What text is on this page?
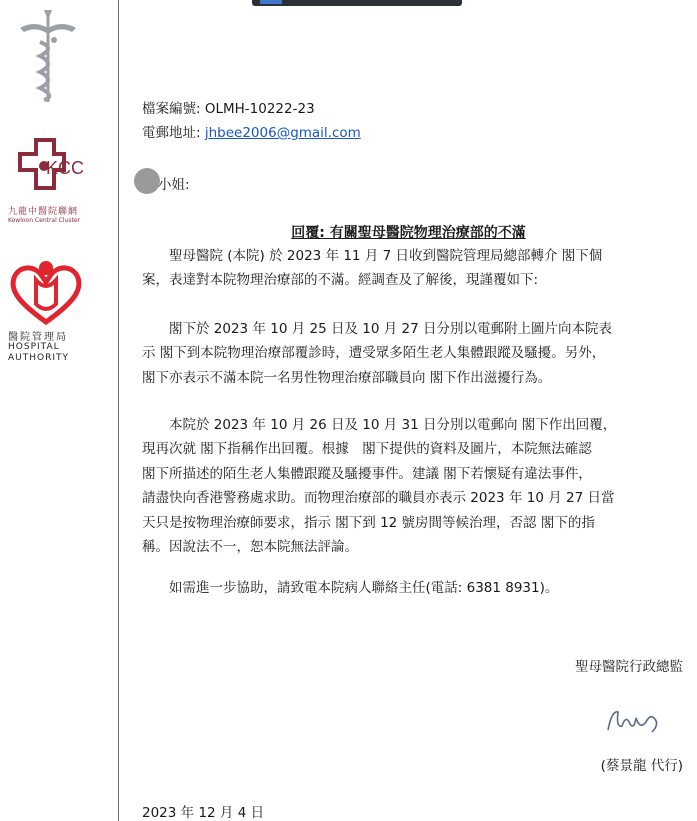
KCC
九龍中醫院聯網
Kowloon Central Cluster
醫院管理局
HOSPITAL
AUTHORITY
檔案編號: OLMH-10222-23
電郵地址: jhbee2006@gmail.com
小姐:
回覆: 有關聖母醫院物理治療部的不滿

　　聖母醫院 (本院) 於 2023 年 11 月 7 日收到醫院管理局總部轉介 閣下個

案，表達對本院物理治療部的不滿。經調查及了解後，現謹覆如下:

　　閣下於 2023 年 10 月 25 日及 10 月 27 日分別以電郵附上圖片向本院表

示 閣下到本院物理治療部覆診時，遭受眾多陌生老人集體跟蹤及騷擾。另外，

閣下亦表示不滿本院一名男性物理治療部職員向 閣下作出滋擾行為。

　　本院於 2023 年 10 月 26 日及 10 月 31 日分別以電郵向 閣下作出回覆，

現再次就 閣下指稱作出回覆。根據　閣下提供的資料及圖片，本院無法確認

閣下所描述的陌生老人集體跟蹤及騷擾事件。建議 閣下若懷疑有違法事件，

請盡快向香港警務處求助。而物理治療部的職員亦表示 2023 年 10 月 27 日當

天只是按物理治療師要求，指示 閣下到 12 號房間等候治理，否認 閣下的指

稱。因說法不一，恕本院無法評論。

　　如需進一步協助，請致電本院病人聯絡主任(電話: 6381 8931)。

聖母醫院行政總監
(蔡景龍 代行)
2023 年 12 月 4 日
